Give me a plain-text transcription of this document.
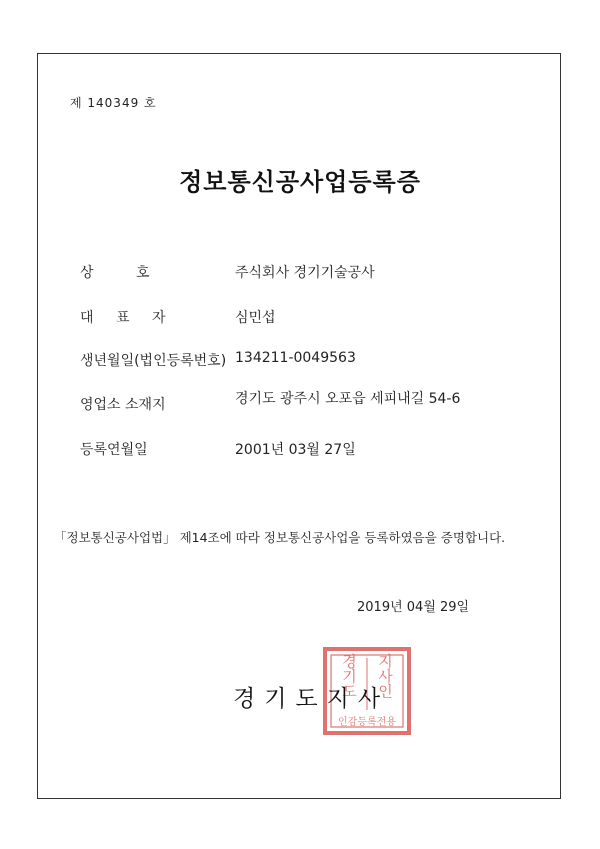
제 140349 호
정보통신공사업등록증
상 호	주식회사 경기기술공사
대 표 자	심민섭
생년월일(법인등록번호) 134211-0049563
영업소 소재지	경기도 광주시 오포읍 세피내길 54-6
등록연월일	2001년 03월 27일
「정보통신공사업법」 제14조에 따라 정보통신공사업을 등록하였음을 증명합니다.
2019년 04월 29일
경기도 지사인
인감등록전용
경기도지사
